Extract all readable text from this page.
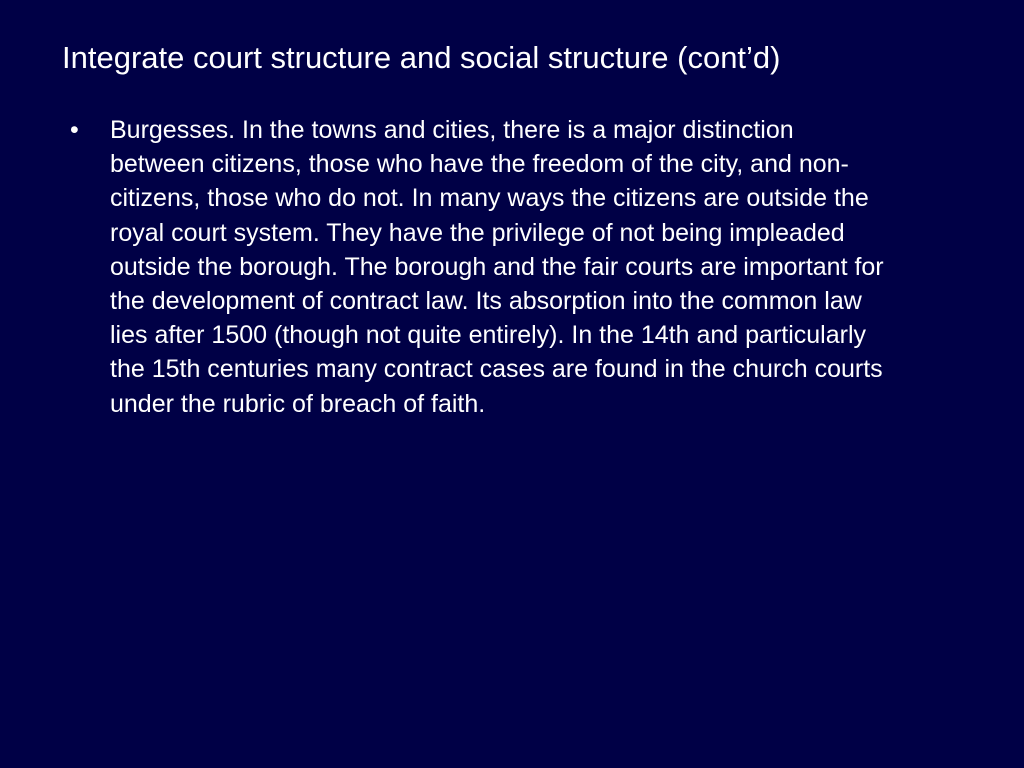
Integrate court structure and social structure (cont’d)
•	Burgesses. In the towns and cities, there is a major distinction
between citizens, those who have the freedom of the city, and non-
citizens, those who do not. In many ways the citizens are outside the
royal court system. They have the privilege of not being impleaded
outside the borough. The borough and the fair courts are important for
the development of contract law. Its absorption into the common law
lies after 1500 (though not quite entirely). In the 14th and particularly
the 15th centuries many contract cases are found in the church courts
under the rubric of breach of faith.
